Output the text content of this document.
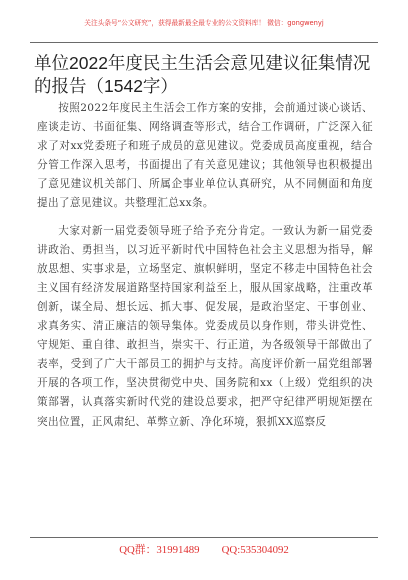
关注头条号“公文研究”，获得最新最全最专业的公文资料库！ 微信：gongwenyj
单位2022年度民主生活会意见建议征集情况的报告（1542字）

按照2022年度民主生活会工作方案的安排，会前通过谈心谈话、座谈走访、书面征集、网络调查等形式，结合工作调研，广泛深入征求了对xx党委班子和班子成员的意见建议。党委成员高度重视，结合分管工作深入思考，书面提出了有关意见建议；其他领导也积极提出了意见建议机关部门、所属企事业单位认真研究，从不同侧面和角度提出了意见建议。共整理汇总xx条。

大家对新一届党委领导班子给予充分肯定。一致认为新一届党委讲政治、勇担当，以习近平新时代中国特色社会主义思想为指导，解放思想、实事求是，立场坚定、旗帜鲜明，坚定不移走中国特色社会主义国有经济发展道路坚持国家利益至上，服从国家战略，注重改革创新，谋全局、想长远、抓大事、促发展，是政治坚定、干事创业、求真务实、清正廉洁的领导集体。党委成员以身作则，带头讲党性、守规矩、重自律、敢担当，崇实干、行正道，为各级领导干部做出了表率，受到了广大干部员工的拥护与支持。高度评价新一届党组部署开展的各项工作，坚决贯彻党中央、国务院和xx（上级）党组织的决策部署，认真落实新时代党的建设总要求，把严守纪律严明规矩摆在突出位置，正风肃纪、革弊立新、净化环境，狠抓XX巡察反

QQ群：31991489 QQ:535304092
